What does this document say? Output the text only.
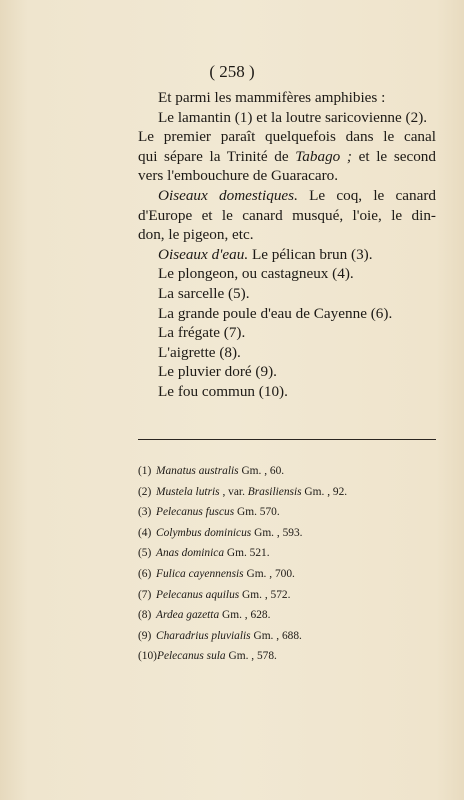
( 258 )

Et parmi les mammifères amphibies :

Le lamantin (1) et la loutre saricovienne (2).

Le premier paraît quelquefois dans le canal

qui sépare la Trinité de Tabago ; et le second

vers l'embouchure de Guaracaro.

Oiseaux domestiques. Le coq, le canard

d'Europe et le canard musqué, l'oie, le din-

don, le pigeon, etc.

Oiseaux d'eau. Le pélican brun (3).

Le plongeon, ou castagneux (4).

La sarcelle (5).

La grande poule d'eau de Cayenne (6).

La frégate (7).

L'aigrette (8).

Le pluvier doré (9).

Le fou commun (10).

(1) Manatus australis Gm. , 60.
(2) Mustela lutris , var. Brasiliensis Gm. , 92.
(3) Pelecanus fuscus Gm. 570.
(4) Colymbus dominicus Gm. , 593.
(5) Anas dominica Gm. 521.
(6) Fulica cayennensis Gm. , 700.
(7) Pelecanus aquilus Gm. , 572.
(8) Ardea gazetta Gm. , 628.
(9) Charadrius pluvialis Gm. , 688.
(10)Pelecanus sula Gm. , 578.
